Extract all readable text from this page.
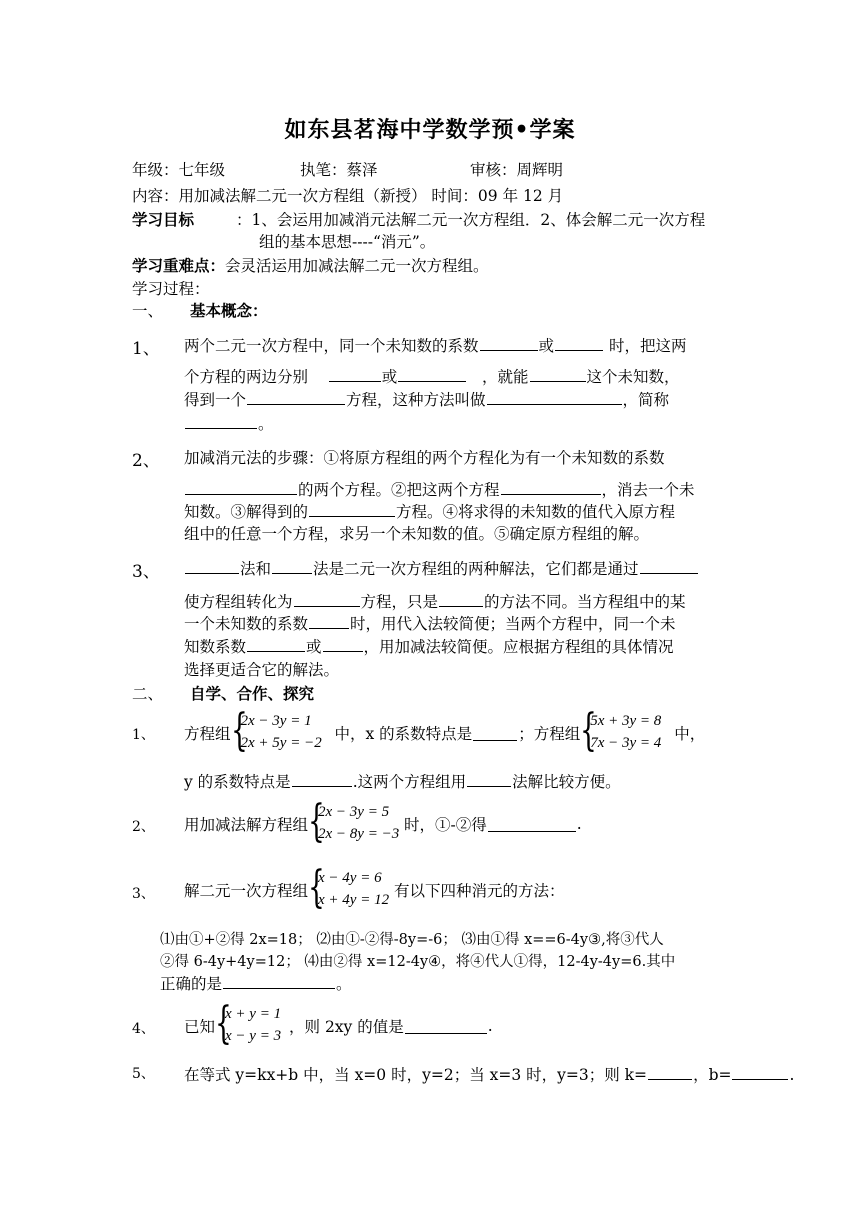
如东县茗海中学数学预•学案
年级：七年级	执笔：蔡泽	审核：周辉明
内容：用加减法解二元一次方程组（新授） 时间：09 年 12 月
学习目标	：1、会运用加减消元法解二元一次方程组．2、体会解二元一次方程
组的基本思想----“消元”。
学习重难点：会灵活运用加减法解二元一次方程组。
学习过程：
一、 基本概念：
1、 两个二元一次方程中，同一个未知数的系数	或	时，把这两
个方程的两边分别	或	，就能	这个未知数，
得到一个	方程，这种方法叫做	，简称
。
2、 加减消元法的步骤：①将原方程组的两个方程化为有一个未知数的系数
的两个方程。②把这两个方程	，消去一个未
知数。③解得到的	方程。④将求得的未知数的值代入原方程
组中的任意一个方程，求另一个未知数的值。⑤确定原方程组的解。
3、	法和	法是二元一次方程组的两种解法，它们都是通过
使方程组转化为	方程，只是	的方法不同。当方程组中的某
一个未知数的系数	时，用代入法较简便；当两个方程中，同一个未
知数系数	或	，用加减法较简便。应根据方程组的具体情况
选择更适合它的解法。
二、 自学、合作、探究
1、 方程组 {
2x − 3y = 1
2x + 5y = −2 中，x 的系数特点是	；方程组 {
5x + 3y = 8
7x − 3y = 4 中，
y 的系数特点是	.这两个方程组用	法解比较方便。
2、 用加减法解方程组 {
2x − 3y = 5
2x − 8y = −3 时，①-②得	.
3、 解二元一次方程组 {
x − 4y = 6
x + 4y = 12 有以下四种消元的方法：
⑴由①+②得 2x=18； ⑵由①-②得-8y=-6； ⑶由①得 x==6-4y③,将③代人
②得 6-4y+4y=12； ⑷由②得 x=12-4y④，将④代人①得，12-4y-4y=6.其中
正确的是	。
4、 已知 {
x + y = 1
x − y = 3 ，则 2xy 的值是	.
5、 在等式 y=kx+b 中，当 x=0 时，y=2；当 x=3 时，y=3；则 k=	，b=	.
